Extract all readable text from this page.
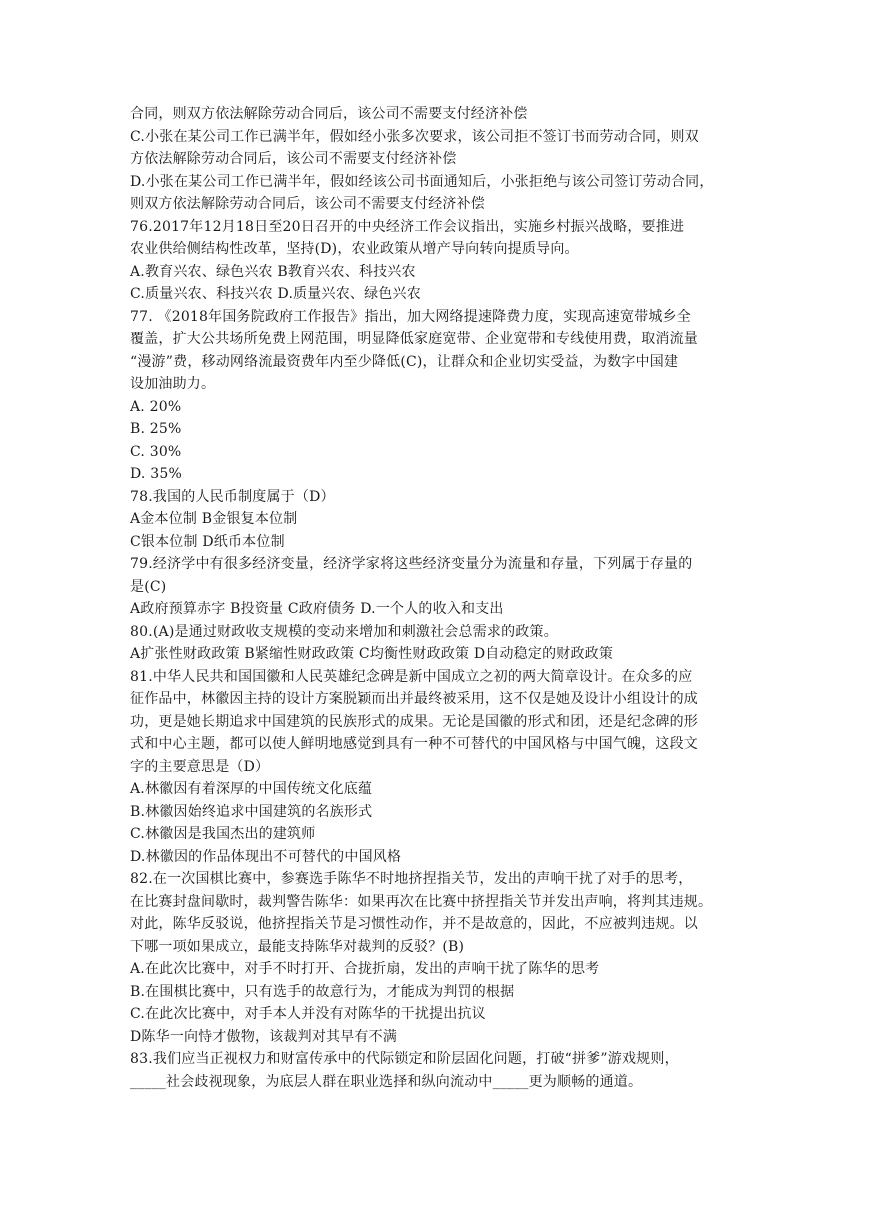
合同，则双方依法解除劳动合同后，该公司不需要支付经济补偿
C.小张在某公司工作已满半年，假如经小张多次要求，该公司拒不签订书而劳动合同，则双
方依法解除劳动合同后，该公司不需要支付经济补偿
D.小张在某公司工作已满半年，假如经该公司书面通知后，小张拒绝与该公司签订劳动合同，
则双方依法解除劳动合同后，该公司不需要支付经济补偿
76.2017年12月18日至20日召开的中央经济工作会议指出，实施乡村振兴战略，要推进
农业供给侧结构性改革，坚持(D)，农业政策从增产导向转向提质导向。
A.教育兴农、绿色兴农 B教育兴农、科技兴农
C.质量兴农、科技兴农 D.质量兴农、绿色兴农
77. 《2018年国务院政府工作报告》指出，加大网络提速降费力度，实现高速宽带城乡全
覆盖，扩大公共场所免费上网范围，明显降低家庭宽带、企业宽带和专线使用费，取消流量
“漫游”费，移动网络流最资费年内至少降低(C)，让群众和企业切实受益，为数字中国建
设加油助力。
A. 20%
B. 25%
C. 30%
D. 35%
78.我国的人民币制度属于（D）
A金本位制 B金银复本位制
C银本位制 D纸币本位制
79.经济学中有很多经济变量，经济学家将这些经济变量分为流量和存量，下列属于存量的
是(C)
A政府预算赤字 B投资量 C政府债务 D.一个人的收入和支出
80.(A)是通过财政收支规模的变动来增加和刺激社会总需求的政策。
A扩张性财政政策 B紧缩性财政政策 C均衡性财政政策 D自动稳定的财政政策
81.中华人民共和国国徽和人民英雄纪念碑是新中国成立之初的两大简章设计。在众多的应
征作品中，林徽因主持的设计方案脱颖而出并最终被采用，这不仅是她及设计小组设计的成
功，更是她长期追求中国建筑的民族形式的成果。无论是国徽的形式和团，还是纪念碑的形
式和中心主题，都可以使人鲜明地感觉到具有一种不可替代的中国风格与中国气魄，这段文
字的主要意思是（D）
A.林徽因有着深厚的中国传统文化底蕴
B.林徽因始终追求中国建筑的名族形式
C.林徽因是我国杰出的建筑师
D.林徽因的作品体现出不可替代的中国风格
82.在一次国棋比赛中，参赛选手陈华不时地挤捏指关节，发出的声响干扰了对手的思考，
在比赛封盘间歇时，裁判警告陈华：如果再次在比赛中挤捏指关节并发出声响，将判其违规。
对此，陈华反驳说，他挤捏指关节是习惯性动作，并不是故意的，因此，不应被判违规。以
下哪一项如果成立，最能支持陈华对裁判的反驳？(B)
A.在此次比赛中，对手不时打开、合拢折扇，发出的声响干扰了陈华的思考
B.在围棋比赛中，只有选手的故意行为，才能成为判罚的根据
C.在此次比赛中，对手本人并没有对陈华的干扰提出抗议
D陈华一向恃才傲物，该裁判对其早有不满
83.我们应当正视权力和财富传承中的代际锁定和阶层固化问题，打破“拼爹”游戏规则，
_____社会歧视现象，为底层人群在职业选择和纵向流动中_____更为顺畅的通道。
